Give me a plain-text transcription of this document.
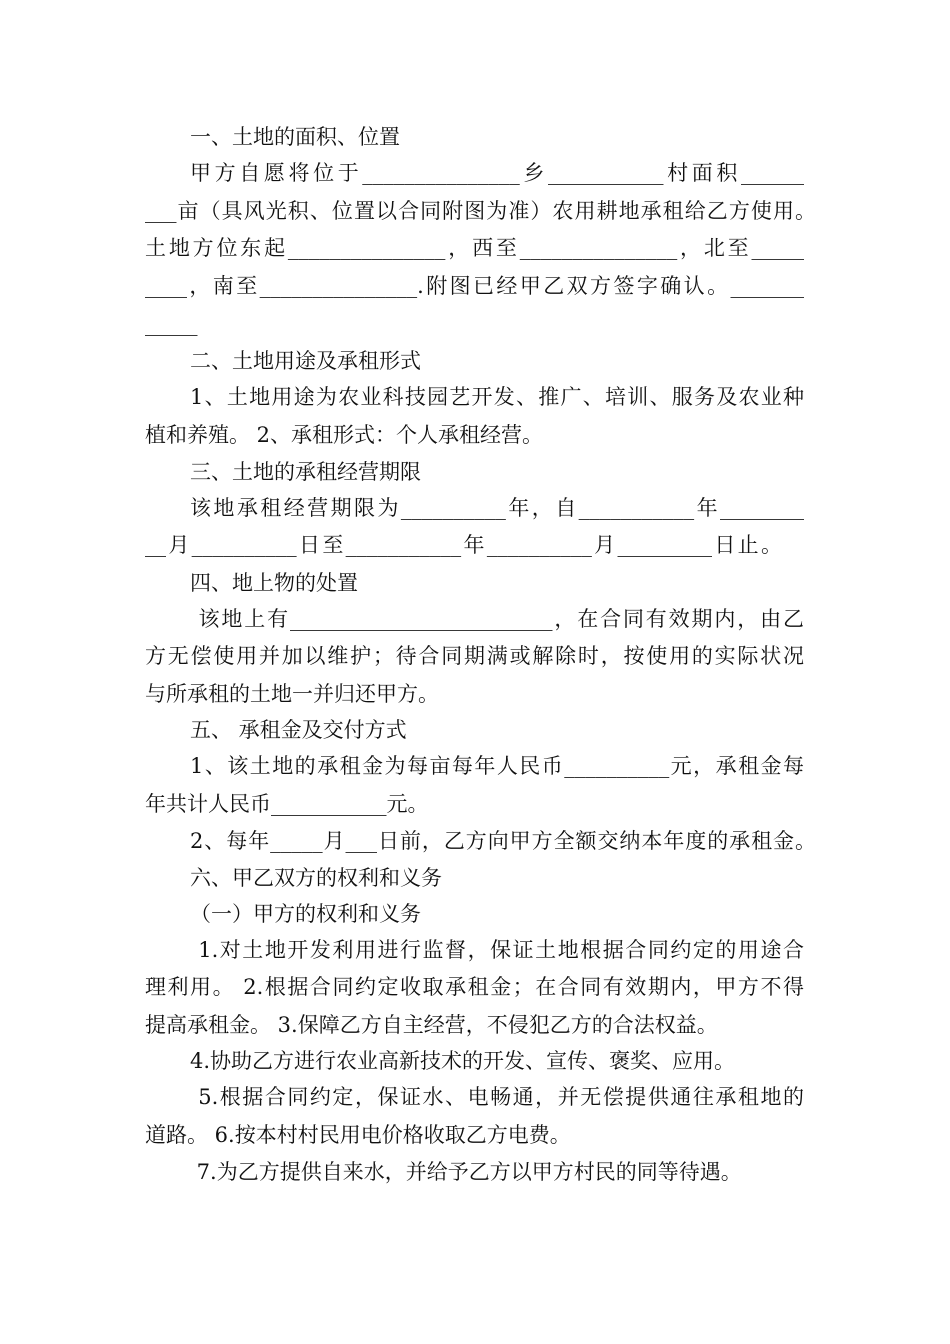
一、土地的面积、位置
甲方自愿将位于_______________乡___________村面积______
___亩（具风光积、位置以合同附图为准）农用耕地承租给乙方使用。
土地方位东起_______________，西至_______________，北至_____
____，南至_______________.附图已经甲乙双方签字确认。_______
_____
二、土地用途及承租形式
1、土地用途为农业科技园艺开发、推广、培训、服务及农业种
植和养殖。 2、承租形式：个人承租经营。
三、土地的承租经营期限
该地承租经营期限为__________年，自___________年________
__月__________日至___________年__________月_________日止。
四、地上物的处置
该地上有_________________________，在合同有效期内，由乙
方无偿使用并加以维护；待合同期满或解除时，按使用的实际状况
与所承租的土地一并归还甲方。
五、 承租金及交付方式
1、该土地的承租金为每亩每年人民币__________元，承租金每
年共计人民币___________元。
2、每年_____月___日前，乙方向甲方全额交纳本年度的承租金。
六、甲乙双方的权利和义务
（一）甲方的权利和义务
1.对土地开发利用进行监督，保证土地根据合同约定的用途合
理利用。 2.根据合同约定收取承租金；在合同有效期内，甲方不得
提高承租金。 3.保障乙方自主经营，不侵犯乙方的合法权益。
4.协助乙方进行农业高新技术的开发、宣传、褒奖、应用。
5.根据合同约定，保证水、电畅通，并无偿提供通往承租地的
道路。 6.按本村村民用电价格收取乙方电费。
7.为乙方提供自来水，并给予乙方以甲方村民的同等待遇。
